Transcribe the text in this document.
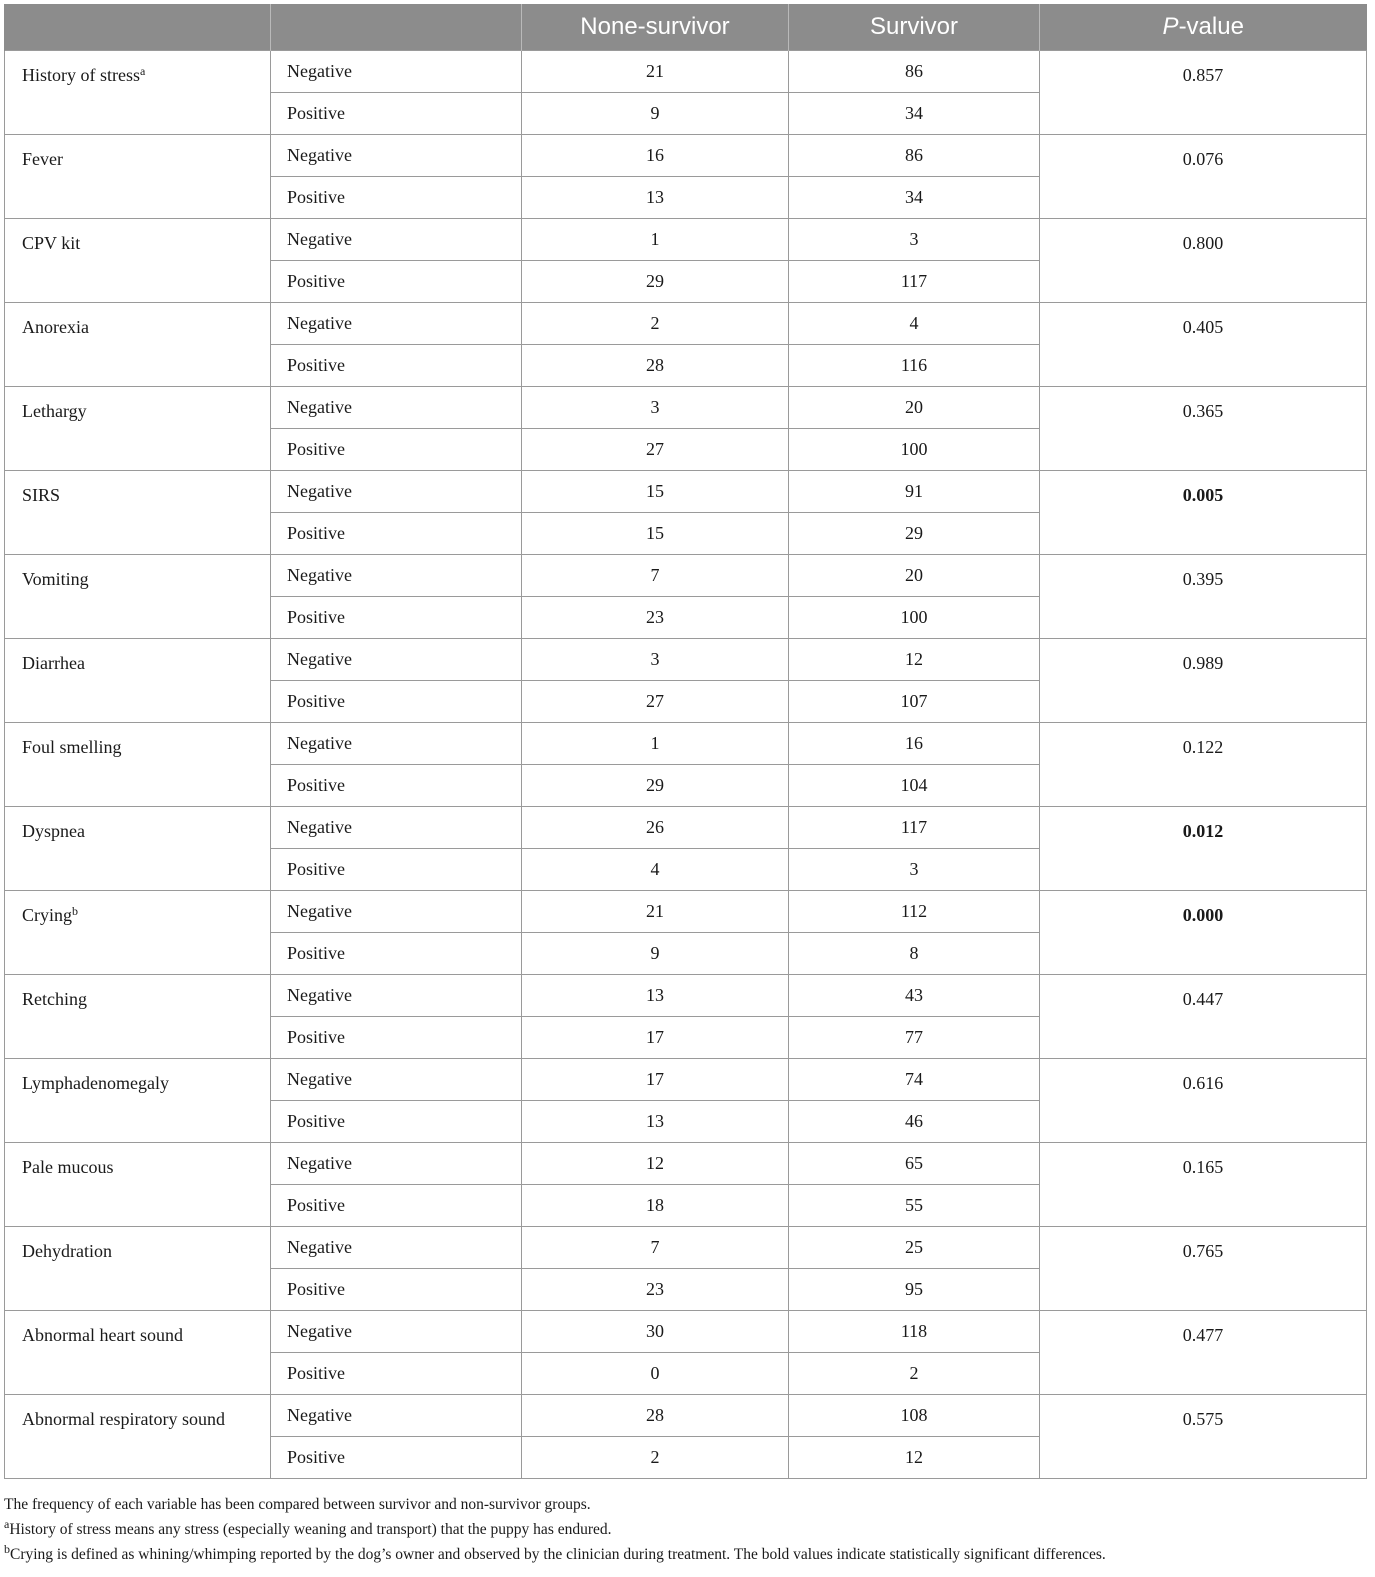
		None-survivor	Survivor	P-value
History of stress$^a$	Negative	21	86	0.857
	Positive	9	34	
Fever	Negative	16	86	0.076
	Positive	13	34	
CPV kit	Negative	1	3	0.800
	Positive	29	117	
Anorexia	Negative	2	4	0.405
	Positive	28	116	
Lethargy	Negative	3	20	0.365
	Positive	27	100	
SIRS	Negative	15	91	0.005
	Positive	15	29	
Vomiting	Negative	7	20	0.395
	Positive	23	100	
Diarrhea	Negative	3	12	0.989
	Positive	27	107	
Foul smelling	Negative	1	16	0.122
	Positive	29	104	
Dyspnea	Negative	26	117	0.012
	Positive	4	3	
Crying$^b$	Negative	21	112	0.000
	Positive	9	8	
Retching	Negative	13	43	0.447
	Positive	17	77	
Lymphadenomegaly	Negative	17	74	0.616
	Positive	13	46	
Pale mucous	Negative	12	65	0.165
	Positive	18	55	
Dehydration	Negative	7	25	0.765
	Positive	23	95	
Abnormal heart sound	Negative	30	118	0.477
	Positive	0	2	
Abnormal respiratory sound	Negative	28	108	0.575
	Positive	2	12	

The frequency of each variable has been compared between survivor and non-survivor groups.

$^a$History of stress means any stress (especially weaning and transport) that the puppy has endured.

$^b$Crying is defined as whining/whimping reported by the dog’s owner and observed by the clinician during treatment. The bold values indicate statistically significant differences.
